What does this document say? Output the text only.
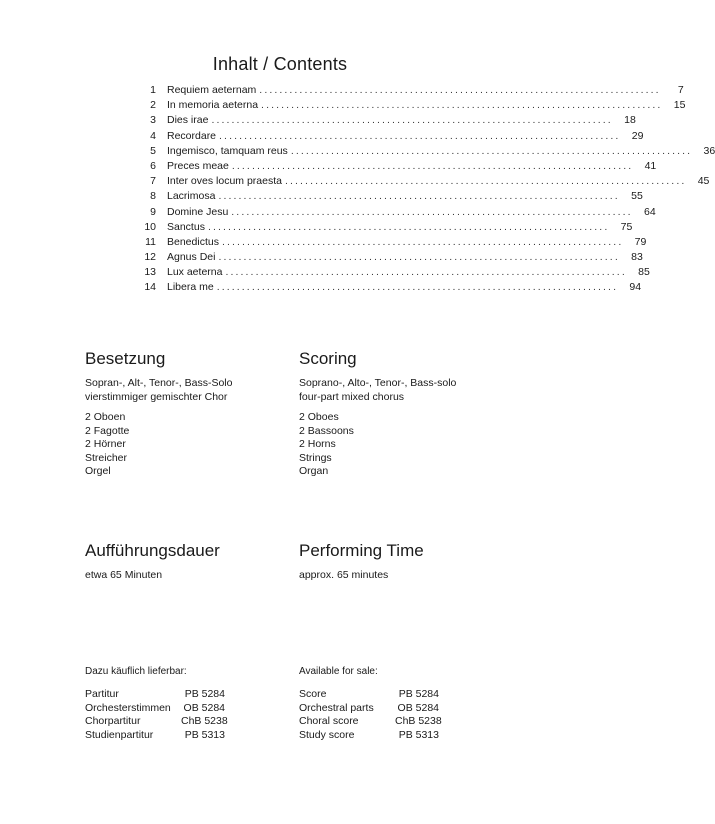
Inhalt / Contents
1 Requiem aeternam ................................................................................	7
2 In memoria aeterna ................................................................................	15
3 Dies irae ................................................................................	18
4 Recordare ................................................................................	29
5 Ingemisco, tamquam reus ................................................................................	36
6 Preces meae ................................................................................	41
7 Inter oves locum praesta ................................................................................	45
8 Lacrimosa ................................................................................	55
9 Domine Jesu ................................................................................	64
10 Sanctus ................................................................................	75
11 Benedictus ................................................................................	79
12 Agnus Dei ................................................................................	83
13 Lux aeterna ................................................................................	85
14 Libera me ................................................................................	94
Besetzung
Sopran-, Alt-, Tenor-, Bass-Solo
vierstimmiger gemischter Chor
2 Oboen
2 Fagotte
2 Hörner
Streicher
Orgel
Scoring
Soprano-, Alto-, Tenor-, Bass-solo
four-part mixed chorus
2 Oboes
2 Bassoons
2 Horns
Strings
Organ
Aufführungsdauer
etwa 65 Minuten
Performing Time
approx. 65 minutes
Dazu käuflich lieferbar:
Partitur	PB 5284
Orchesterstimmen	OB 5284
Chorpartitur	ChB 5238
Studienpartitur	PB 5313
Available for sale:
Score	PB 5284
Orchestral parts	OB 5284
Choral score	ChB 5238
Study score	PB 5313
